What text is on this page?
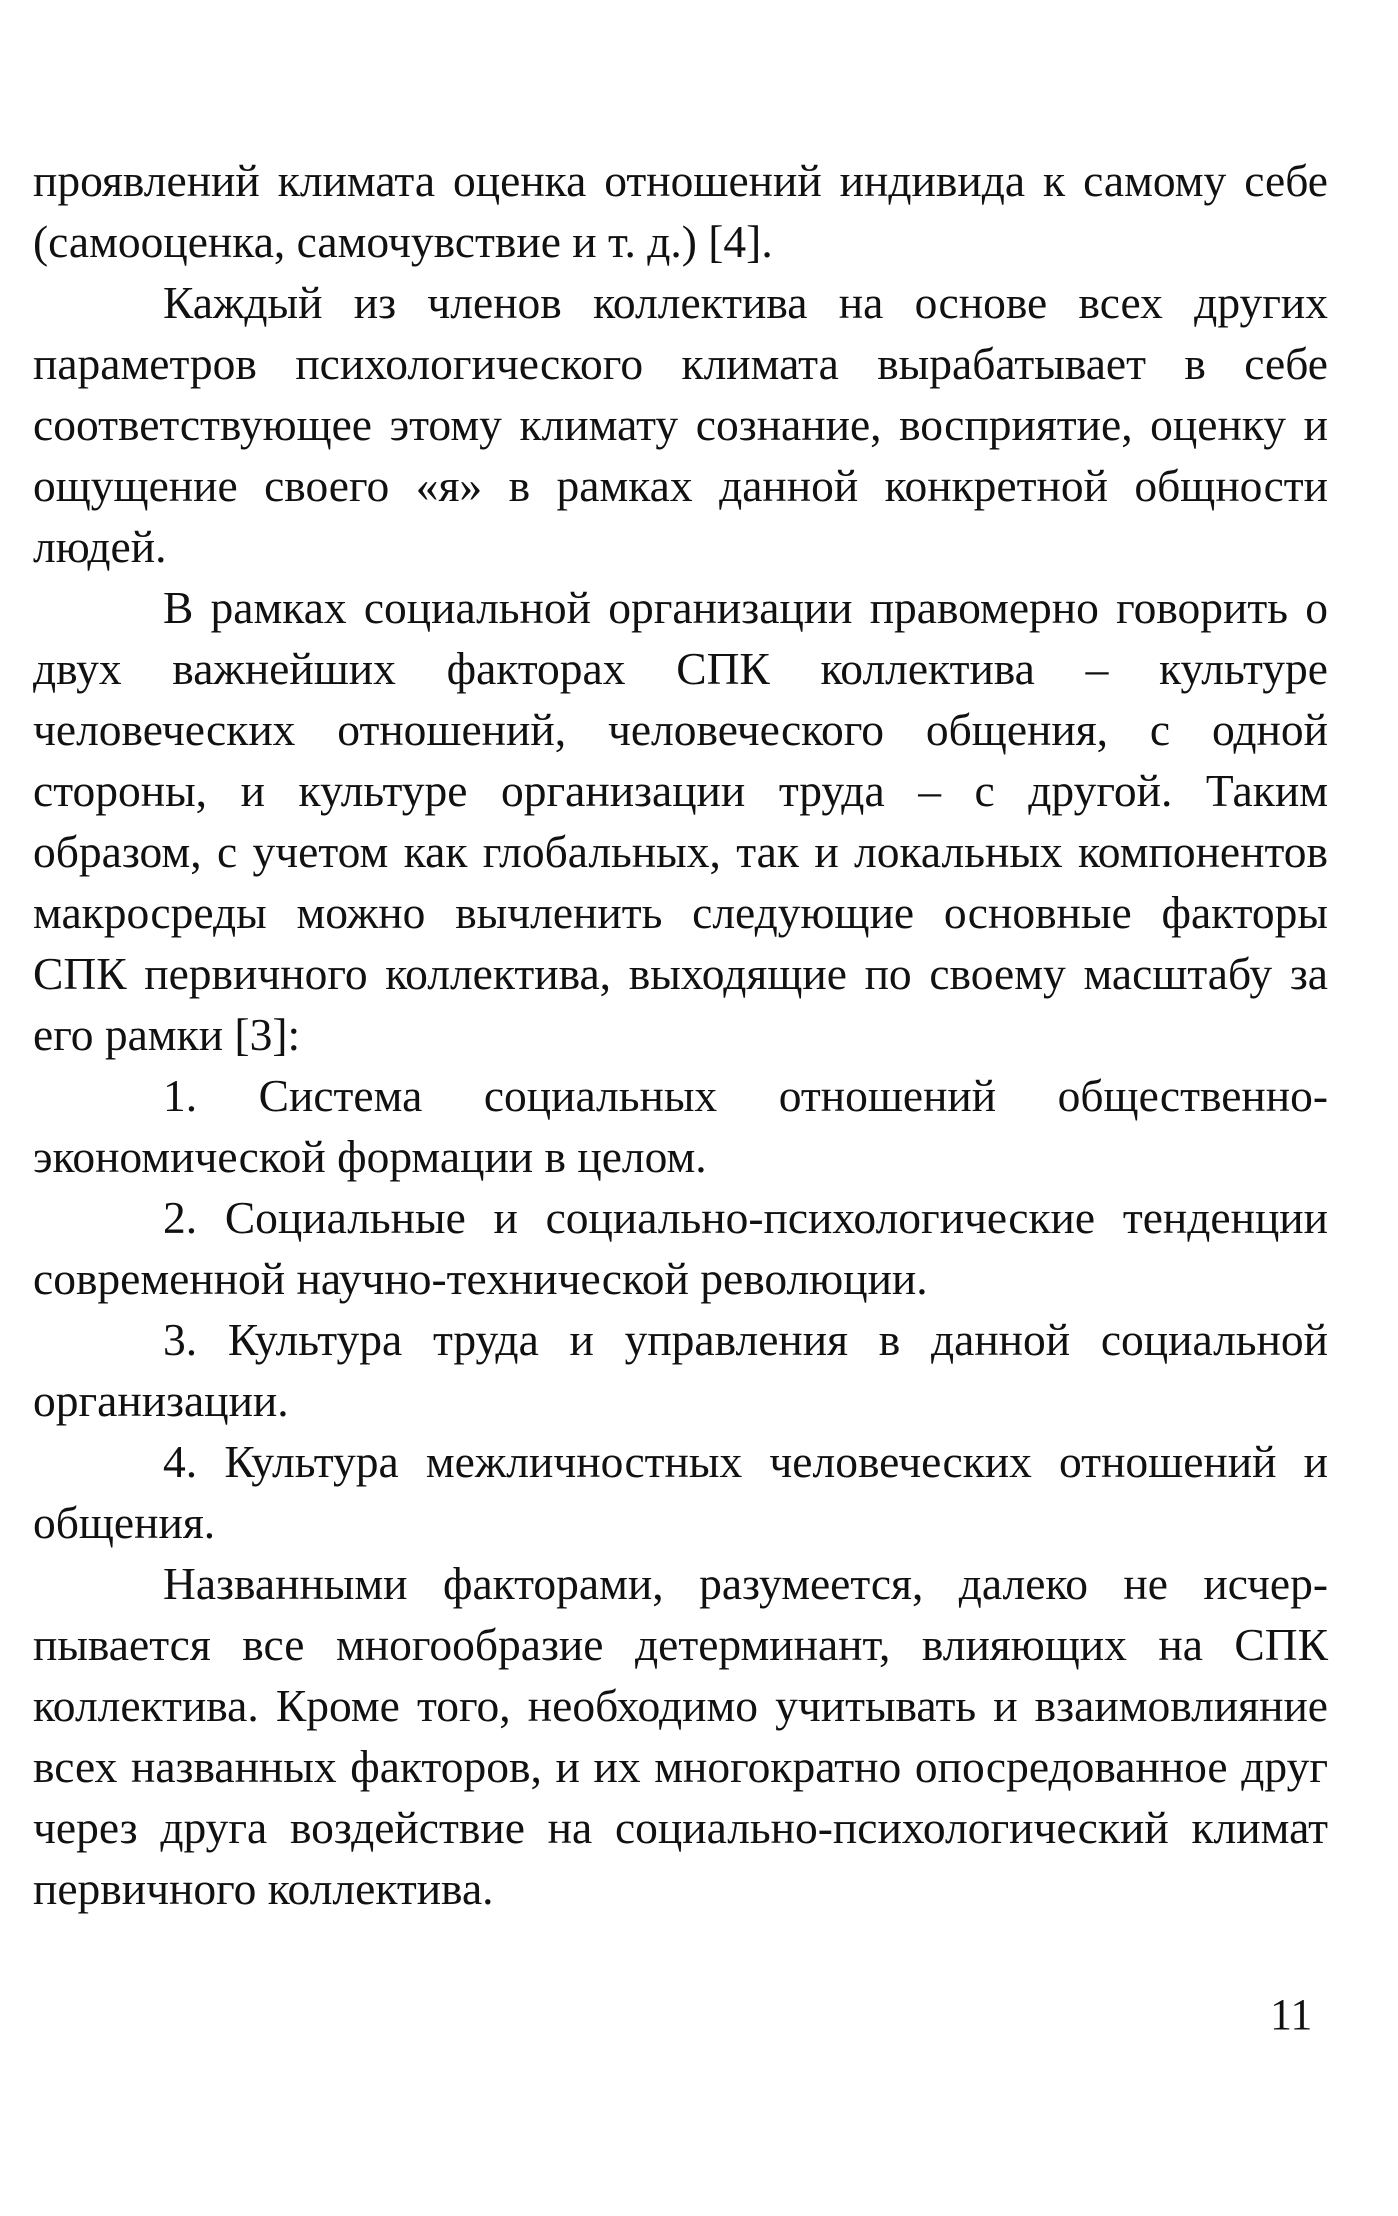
проявлений климата оценка отношений индивида к самому себе (самооценка, самочувствие и т. д.) [4].

Каждый из членов коллектива на основе всех других параметров психологического климата вырабатывает в себе соответствующее этому климату сознание, восприятие, оценку и ощущение своего «я» в рамках данной конкретной общности людей.

В рамках социальной организации правомерно говорить о двух важнейших факторах СПК коллектива – культуре человеческих отношений, человеческого общения, с одной стороны, и культуре организации труда – с другой. Таким образом, с учетом как глобальных, так и локальных компонентов макросреды можно вычленить следующие основные факторы СПК первичного коллектива, выходящие по своему масштабу за его рамки [3]:

1. Система социальных отношений общественно-экономической формации в целом.

2. Социальные и социально-психологические тенденции современной научно-технической революции.

3. Культура труда и управления в данной социальной организации.

4. Культура межличностных человеческих отношений и общения.

Названными факторами, разумеется, далеко не исчерпывается все многообразие детерминант, влияющих на СПК коллектива. Кроме того, необходимо учитывать и взаимовлияние всех названных факторов, и их многократно опосредованное друг через друга воздействие на социально-психологический климат первичного коллектива.

11
